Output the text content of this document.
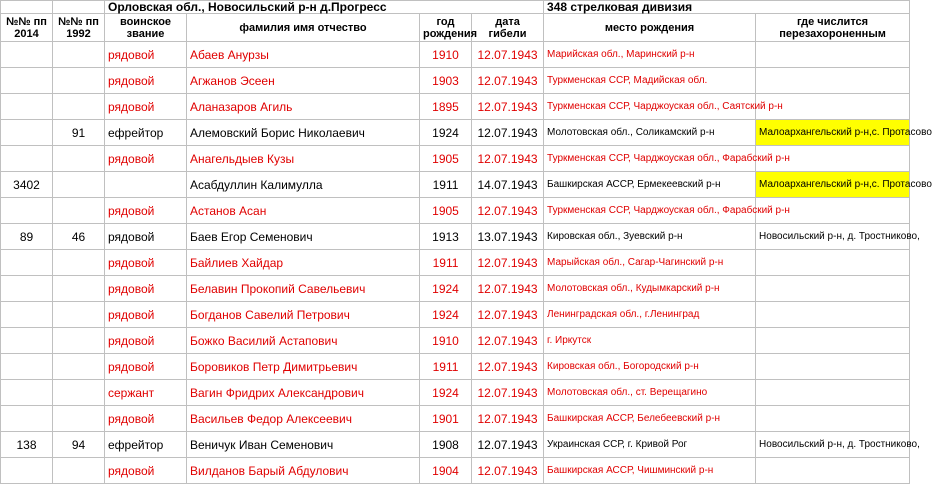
		Орловская обл., Новосильский р-н д.Прогресс				348 стрелковая дивизия	
№№ пп 2014	№№ пп 1992	воинское звание	фамилия имя отчество	год рождения	дата гибели	место рождения	где числится перезахороненным
		рядовой	Абаев Анурзы	1910	12.07.1943	Марийская обл., Маринский р-н	
		рядовой	Агжанов Эсеен	1903	12.07.1943	Туркменская ССР, Мадийская обл.	
		рядовой	Аланазаров Агиль	1895	12.07.1943	Туркменская ССР, Чарджоуская обл., Саятский р-н	
	91	ефрейтор	Алемовский Борис Николаевич	1924	12.07.1943	Молотовская обл., Соликамский р-н	Малоархангельский р-н,с. Протасово
		рядовой	Анагельдыев Кузы	1905	12.07.1943	Туркменская ССР, Чарджоуская обл., Фарабский р-н	
3402			Асабдуллин Калимулла	1911	14.07.1943	Башкирская АССР, Ермекеевский р-н	Малоархангельский р-н,с. Протасово
		рядовой	Астанов Асан	1905	12.07.1943	Туркменская ССР, Чарджоуская обл., Фарабский р-н	
89	46	рядовой	Баев Егор Семенович	1913	13.07.1943	Кировская обл., Зуевский р-н	Новосильский р-н, д. Тростниково,
		рядовой	Байлиев Хайдар	1911	12.07.1943	Марыйская обл., Сагар-Чагинский р-н	
		рядовой	Белавин Прокопий Савельевич	1924	12.07.1943	Молотовская обл., Кудымкарский р-н	
		рядовой	Богданов Савелий Петрович	1924	12.07.1943	Ленинградская обл., г.Ленинград	
		рядовой	Божко Василий Астапович	1910	12.07.1943	г. Иркутск	
		рядовой	Боровиков Петр Димитрьевич	1911	12.07.1943	Кировская обл., Богородский р-н	
		сержант	Вагин Фридрих Александрович	1924	12.07.1943	Молотовская обл., ст. Верещагино	
		рядовой	Васильев Федор Алексеевич	1901	12.07.1943	Башкирская АССР, Белебеевский р-н	
138	94	ефрейтор	Веничук Иван Семенович	1908	12.07.1943	Украинская ССР, г. Кривой Рог	Новосильский р-н, д. Тростниково,
		рядовой	Вилданов Барый Абдулович	1904	12.07.1943	Башкирская АССР, Чишминский р-н	
